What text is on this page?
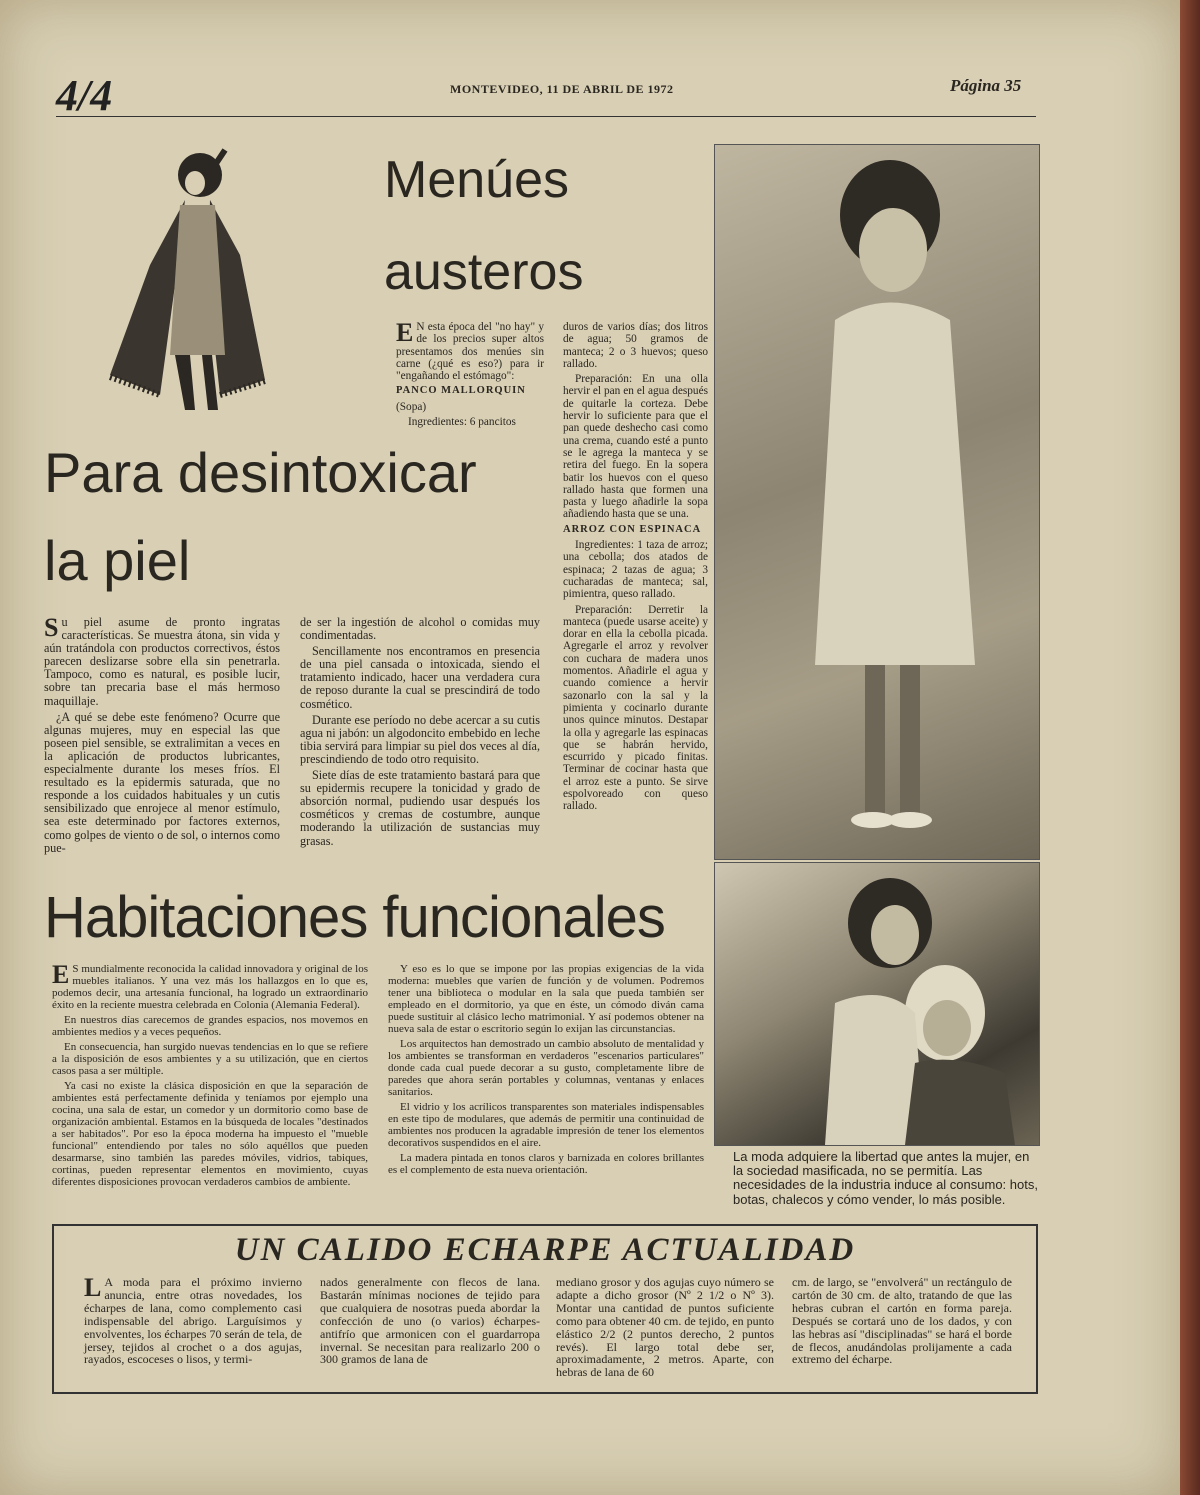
4/4	MONTEVIDEO, 11 DE ABRIL DE 1972	Página 35
Menúes
austeros

E N esta época del "no hay" y de los precios super altos presentamos dos menúes sin carne (¿qué es eso?) para ir "engañando el estómago":

PANCO MALLORQUIN

(Sopa)

Ingredientes: 6 pancitos

duros de varios días; dos litros de agua; 50 gramos de manteca; 2 o 3 huevos; queso rallado.

Preparación: En una olla hervir el pan en el agua después de quitarle la corteza. Debe hervir lo suficiente para que el pan quede deshecho casi como una crema, cuando esté a punto se le agrega la manteca y se retira del fuego. En la sopera batir los huevos con el queso rallado hasta que formen una pasta y luego añadirle la sopa añadiendo hasta que se una.

ARROZ CON ESPINACA

Ingredientes: 1 taza de arroz; una cebolla; dos atados de espinaca; 2 tazas de agua; 3 cucharadas de manteca; sal, pimientra, queso rallado.

Preparación: Derretir la manteca (puede usarse aceite) y dorar en ella la cebolla picada. Agregarle el arroz y revolver con cuchara de madera unos momentos. Añadirle el agua y cuando comience a hervir sazonarlo con la sal y la pimienta y cocinarlo durante unos quince minutos. Destapar la olla y agregarle las espinacas que se habrán hervido, escurrido y picado finitas. Terminar de cocinar hasta que el arroz este a punto. Se sirve espolvoreado con queso rallado.

Para desintoxicar
la piel

Su piel asume de pronto ingratas características. Se muestra átona, sin vida y aún tratándola con productos correctivos, éstos parecen deslizarse sobre ella sin penetrarla. Tampoco, como es natural, es posible lucir, sobre tan precaria base el más hermoso maquillaje.

¿A qué se debe este fenómeno? Ocurre que algunas mujeres, muy en especial las que poseen piel sensible, se extralimitan a veces en la aplicación de productos lubricantes, especialmente durante los meses fríos. El resultado es la epidermis saturada, que no responde a los cuidados habituales y un cutis sensibilizado que enrojece al menor estímulo, sea este determinado por factores externos, como golpes de viento o de sol, o internos como pue-

de ser la ingestión de alcohol o comidas muy condimentadas.

Sencillamente nos encontramos en presencia de una piel cansada o intoxicada, siendo el tratamiento indicado, hacer una verdadera cura de reposo durante la cual se prescindirá de todo cosmético.

Durante ese período no debe acercar a su cutis agua ni jabón: un algodoncito embebido en leche tibia servirá para limpiar su piel dos veces al día, prescindiendo de todo otro requisito.

Siete días de este tratamiento bastará para que su epidermis recupere la tonicidad y grado de absorción normal, pudiendo usar después los cosméticos y cremas de costumbre, aunque moderando la utilización de sustancias muy grasas.

Habitaciones funcionales

E S mundialmente reconocida la calidad innovadora y original de los muebles italianos. Y una vez más los hallazgos en lo que es, podemos decir, una artesanía funcional, ha logrado un extraordinario éxito en la reciente muestra celebrada en Colonia (Alemania Federal).

En nuestros días carecemos de grandes espacios, nos movemos en ambientes medios y a veces pequeños.

En consecuencia, han surgido nuevas tendencias en lo que se refiere a la disposición de esos ambientes y a su utilización, que en ciertos casos pasa a ser múltiple.

Ya casi no existe la clásica disposición en que la separación de ambientes está perfectamente definida y teníamos por ejemplo una cocina, una sala de estar, un comedor y un dormitorio como base de organización ambiental. Estamos en la búsqueda de locales "destinados a ser habitados". Por eso la época moderna ha impuesto el "mueble funcional" entendiendo por tales no sólo aquéllos que pueden desarmarse, sino también las paredes móviles, vidrios, tabiques, cortinas, pueden representar elementos en movimiento, cuyas diferentes disposiciones provocan verdaderos cambios de ambiente.

Y eso es lo que se impone por las propias exigencias de la vida moderna: muebles que varíen de función y de volumen. Podremos tener una biblioteca o modular en la sala que pueda también ser empleado en el dormitorio, ya que en éste, un cómodo diván cama puede sustituir al clásico lecho matrimonial. Y así podemos obtener na nueva sala de estar o escritorio según lo exijan las circunstancias.

Los arquitectos han demostrado un cambio absoluto de mentalidad y los ambientes se transforman en verdaderos "escenarios particulares" donde cada cual puede decorar a su gusto, completamente libre de paredes que ahora serán portables y columnas, ventanas y enlaces sanitarios.

El vidrio y los acrílicos transparentes son materiales indispensables en este tipo de modulares, que además de permitir una continuidad de ambientes nos producen la agradable impresión de tener los elementos decorativos suspendidos en el aire.

La madera pintada en tonos claros y barnizada en colores brillantes es el complemento de esta nueva orientación.

La moda adquiere la libertad que antes la mujer, en la sociedad masificada, no se permitía. Las necesidades de la industria induce al consumo: hots, botas, chalecos y cómo vender, lo más posible.
UN CALIDO ECHARPE ACTUALIDAD

L A moda para el próximo invierno anuncia, entre otras novedades, los écharpes de lana, como complemento casi indispensable del abrigo. Larguísimos y envolventes, los écharpes 70 serán de tela, de jersey, tejidos al crochet o a dos agujas, rayados, escoceses o lisos, y termi-

nados generalmente con flecos de lana. Bastarán mínimas nociones de tejido para que cualquiera de nosotras pueda abordar la confección de uno (o varios) écharpes-antifrío que armonicen con el guardarropa invernal. Se necesitan para realizarlo 200 o 300 gramos de lana de

mediano grosor y dos agujas cuyo número se adapte a dicho grosor (Nº 2 1/2 o Nº 3). Montar una cantidad de puntos suficiente como para obtener 40 cm. de tejido, en punto elástico 2/2 (2 puntos derecho, 2 puntos revés). El largo total debe ser, aproximadamente, 2 metros. Aparte, con hebras de lana de 60

cm. de largo, se "envolverá" un rectángulo de cartón de 30 cm. de alto, tratando de que las hebras cubran el cartón en forma pareja. Después se cortará uno de los dados, y con las hebras así "disciplinadas" se hará el borde de flecos, anudándolas prolijamente a cada extremo del écharpe.
